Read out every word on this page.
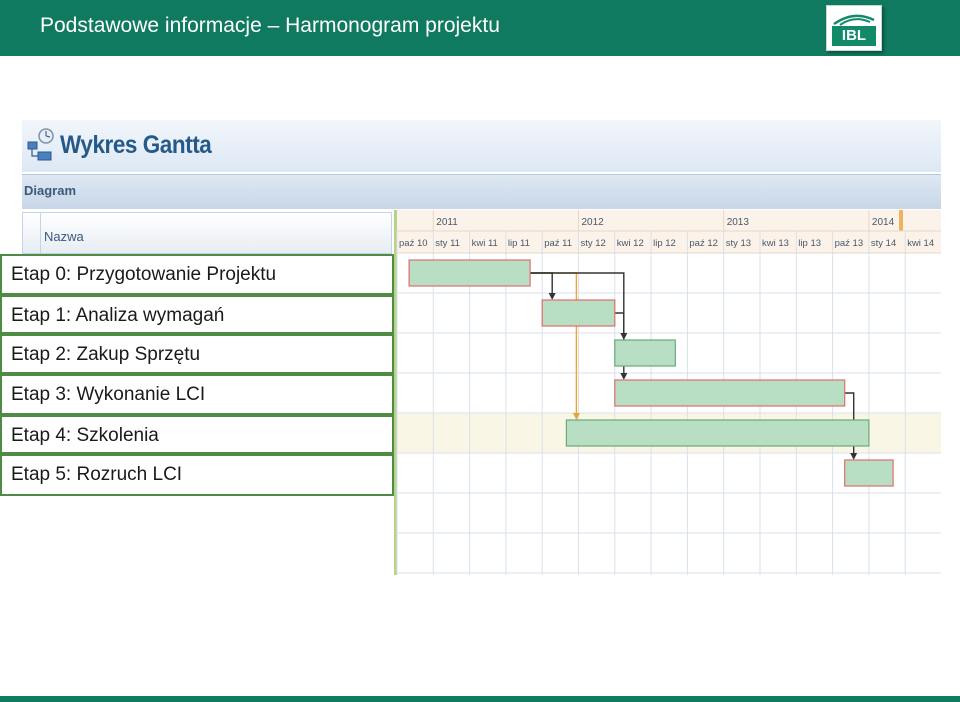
Podstawowe informacje – Harmonogram projektu	IBL
Wykres Gantta
Diagram
Nazwa
2011	2012	2013	2014
paź 10 sty 11 kwi 11 lip 11 paź 11 sty 12 kwi 12 lip 12 paź 12 sty 13 kwi 13 lip 13 paź 13 sty 14 kwi 14
Etap 0: Przygotowanie Projektu
Etap 1: Analiza wymagań
Etap 2: Zakup Sprzętu
Etap 3: Wykonanie LCI
Etap 4: Szkolenia
Etap 5: Rozruch LCI
